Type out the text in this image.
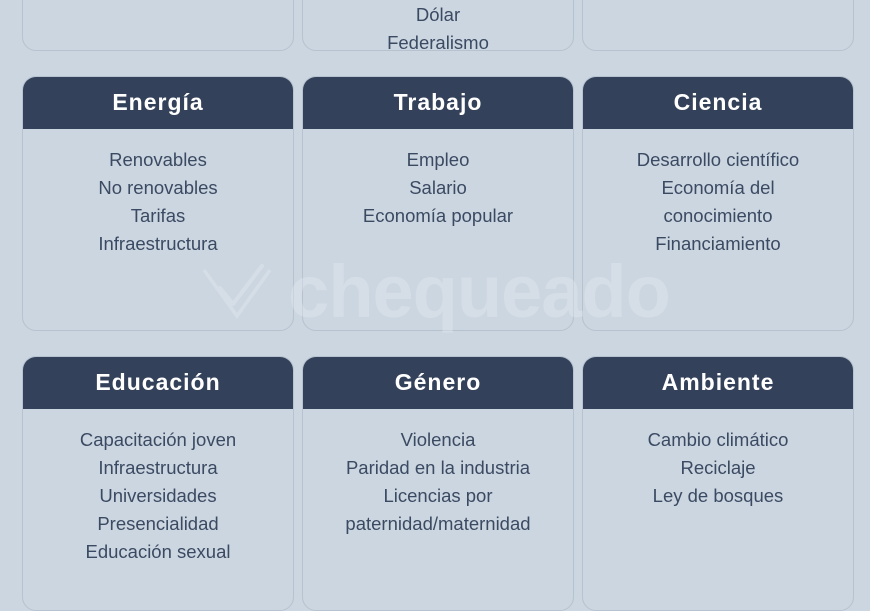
Dólar
Federalismo
Energía
Renovables
No renovables
Tarifas
Infraestructura
Trabajo
Empleo
Salario
Economía popular
Ciencia
Desarrollo científico
Economía del
conocimiento
Financiamiento
Educación
Capacitación joven
Infraestructura
Universidades
Presencialidad
Educación sexual
Género
Violencia
Paridad en la industria
Licencias por
paternidad/maternidad
Ambiente
Cambio climático
Reciclaje
Ley de bosques
chequeado
